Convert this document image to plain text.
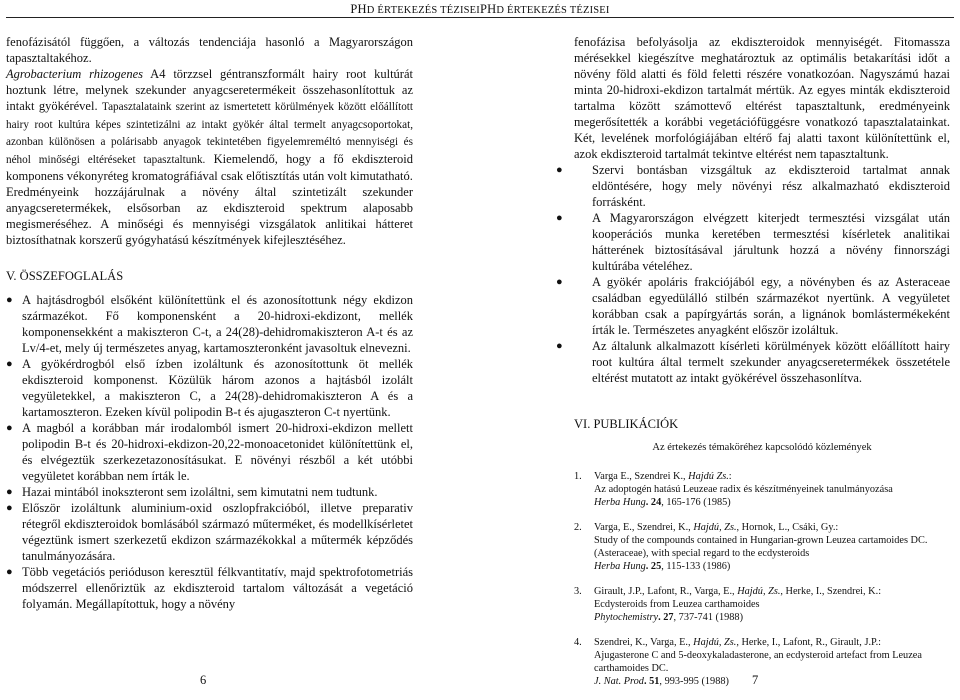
PHD ÉRTEKEZÉS TÉZISEI

fenofázisától függően, a változás tendenciája hasonló a Magyarországon tapasztaltakéhoz.

Agrobacterium rhizogenes A4 törzzsel géntranszformált hairy root kultúrát hoztunk létre, melynek szekunder anyagcseretermékeit összehasonlítottuk az intakt gyökérével. Tapasztalataink szerint az ismertetett körülmények között előállított hairy root kultúra képes szintetizálni az intakt gyökér által termelt anyagcsoportokat, azonban különösen a polárisabb anyagok tekintetében figyelemreméltó mennyiségi és néhol minőségi eltéréseket tapasztaltunk. Kiemelendő, hogy a fő ekdiszteroid komponens vékonyréteg kromatográfiával csak előtisztítás után volt kimutatható.

Eredményeink hozzájárulnak a növény által szintetizált szekunder anyagcseretermékek, elsősorban az ekdiszteroid spektrum alaposabb megismeréséhez. A minőségi és mennyiségi vizsgálatok anlitikai hátteret biztosíthatnak korszerű gyógyhatású készítmények kifejlesztéséhez.

V. ÖSSZEFOGLALÁS
● A hajtásdrogból elsőként különítettünk el és azonosítottunk négy ekdizon származékot. Fő komponensként a 20-hidroxi-ekdizont, mellék komponensekként a makiszteron C-t, a 24(28)-dehidromakiszteron A-t és az Lv/4-et, mely új természetes anyag, kartamoszteronként javasoltuk elnevezni.
● A gyökérdrogból első ízben izoláltunk és azonosítottunk öt mellék ekdiszteroid komponenst. Közülük három azonos a hajtásból izolált vegyületekkel, a makiszteron C, a 24(28)-dehidromakiszteron A és a kartamoszteron. Ezeken kívül polipodin B-t és ajugaszteron C-t nyertünk.
● A magból a korábban már irodalomból ismert 20-hidroxi-ekdizon mellett polipodin B-t és 20-hidroxi-ekdizon-20,22-monoacetonidet különítettünk el, és elvégeztük szerkezetazonosításukat. E növényi részből a két utóbbi vegyületet korábban nem írták le.
● Hazai mintából inokszteront sem izoláltni, sem kimutatni nem tudtunk.
● Először izoláltunk aluminium-oxid oszlopfrakcióból, illetve preparativ rétegről ekdiszteroidok bomlásából származó műterméket, és modellkísérletet végeztünk ismert szerkezetű ekdizon származékokkal a műtermék képződés tanulmányozására.
● Több vegetációs perióduson keresztül félkvantitatív, majd spektrofotometriás módszerrel ellenőriztük az ekdiszteroid tartalom változását a vegetáció folyamán. Megállapítottuk, hogy a növény
6
PHD ÉRTEKEZÉS TÉZISEI

fenofázisa befolyásolja az ekdiszteroidok mennyiségét. Fitomassza mérésekkel kiegészítve meghatároztuk az optimális betakarítási időt a növény föld alatti és föld feletti részére vonatkozóan. Nagyszámú hazai minta 20-hidroxi-ekdizon tartalmát mértük. Az egyes minták ekdiszteroid tartalma között számottevő eltérést tapasztaltunk, eredményeink megerősítették a korábbi vegetációfüggésre vonatkozó tapasztalatainkat. Két, levelének morfológiájában eltérő faj alatti taxont különítettünk el, azok ekdiszteroid tartalmát tekintve eltérést nem tapasztaltunk.

● Szervi bontásban vizsgáltuk az ekdiszteroid tartalmat annak eldöntésére, hogy mely növényi rész alkalmazható ekdiszteroid forrásként.
● A Magyarországon elvégzett kiterjedt termesztési vizsgálat után kooperációs munka keretében termesztési kísérletek analitikai hátterének biztosításával járultunk hozzá a növény finnországi kultúrába vételéhez.
● A gyökér apoláris frakciójából egy, a növényben és az Asteraceae családban egyedülálló stilbén származékot nyertünk. A vegyületet korábban csak a papírgyártás során, a lignánok bomlástermékeként írták le. Természetes anyagként először izoláltuk.
● Az általunk alkalmazott kísérleti körülmények között előállított hairy root kultúra által termelt szekunder anyagcseretermékek összetétele eltérést mutatott az intakt gyökérével összehasonlítva.
VI. PUBLIKÁCIÓK
Az értekezés témaköréhez kapcsolódó közlemények
1. Varga E., Szendrei K., Hajdú Zs.:
Az adoptogén hatású Leuzeae radix és készítményeinek tanulmányozása
Herba Hung. 24, 165-176 (1985)
2. Varga, E., Szendrei, K., Hajdú, Zs., Hornok, L., Csáki, Gy.:
Study of the compounds contained in Hungarian-grown Leuzea cartamoides DC. (Asteraceae), with special regard to the ecdysteroids
Herba Hung. 25, 115-133 (1986)
3. Girault, J.P., Lafont, R., Varga, E., Hajdú, Zs., Herke, I., Szendrei, K.:
Ecdysteroids from Leuzea carthamoides
Phytochemistry. 27, 737-741 (1988)
4. Szendrei, K., Varga, E., Hajdú, Zs., Herke, I., Lafont, R., Girault, J.P.:
Ajugasterone C and 5-deoxykaladasterone, an ecdysteroid artefact from Leuzea carthamoides DC.
J. Nat. Prod. 51, 993-995 (1988)	7
